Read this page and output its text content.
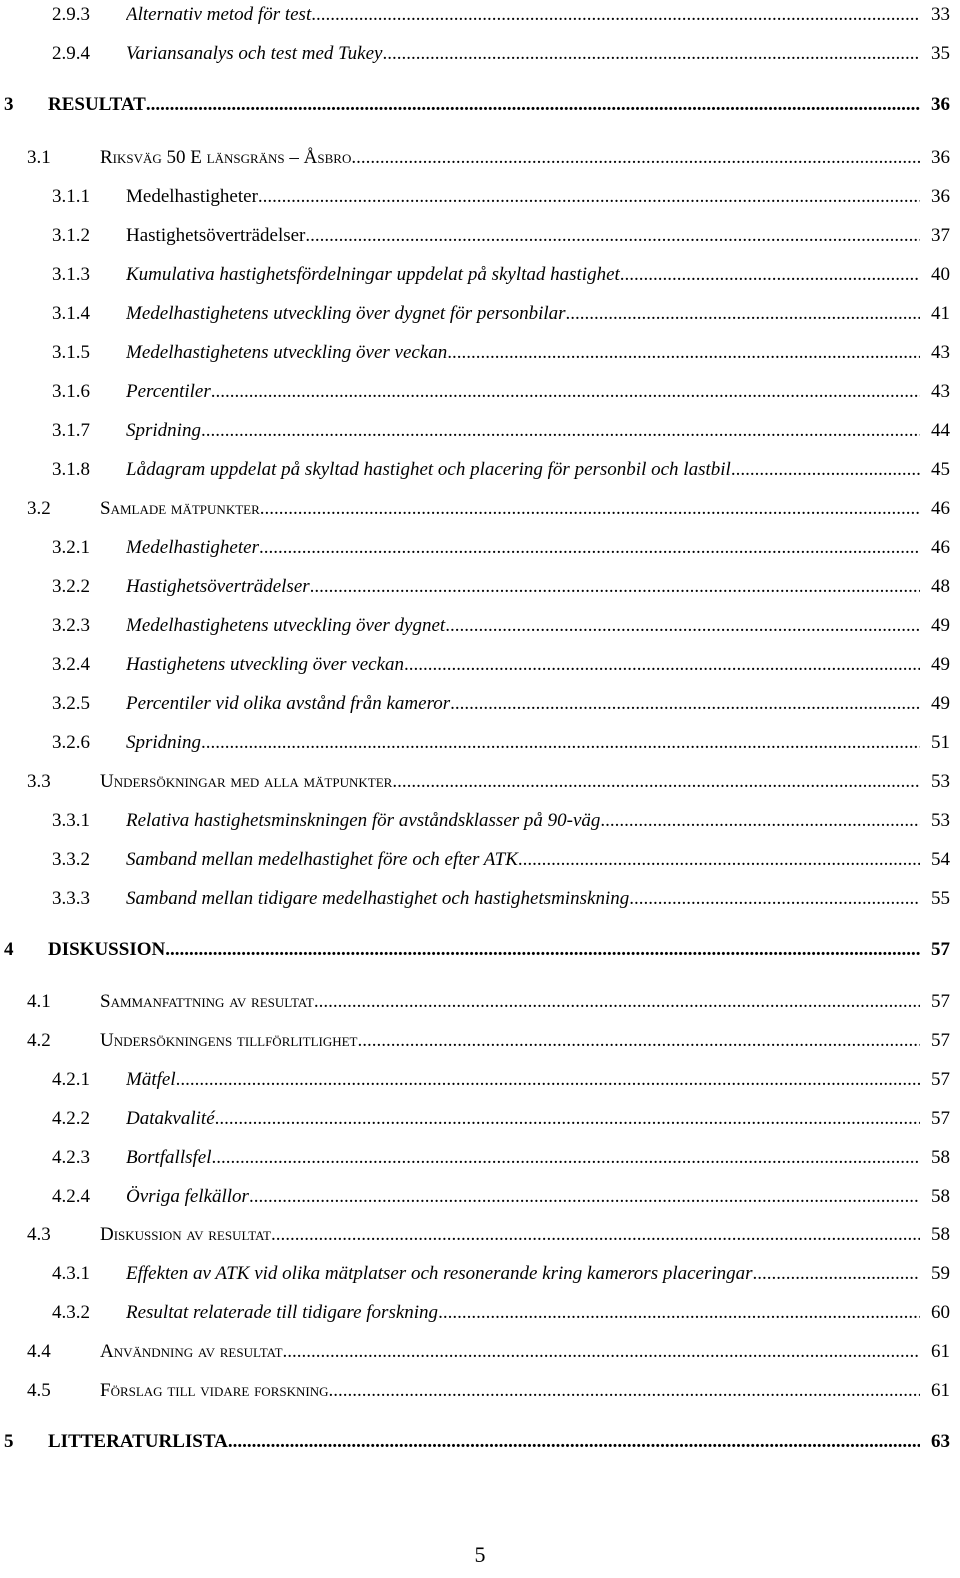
2.9.3 Alternativ metod för test .....	33
2.9.4 Variansanalys och test med Tukey .....	35
3 RESULTAT .....	36
3.1	Riksväg 50 E länsgräns – Åsbro .....	36
3.1.1 Medelhastigheter .....	36
3.1.2 Hastighetsöverträdelser .....	37
3.1.3 Kumulativa hastighetsfördelningar uppdelat på skyltad hastighet .....	40
3.1.4 Medelhastighetens utveckling över dygnet för personbilar .....	41
3.1.5 Medelhastighetens utveckling över veckan .....	43
3.1.6 Percentiler .....	43
3.1.7 Spridning .....	44
3.1.8 Lådagram uppdelat på skyltad hastighet och placering för personbil och lastbil .....	45
3.2	Samlade mätpunkter .....	46
3.2.1 Medelhastigheter .....	46
3.2.2 Hastighetsöverträdelser .....	48
3.2.3 Medelhastighetens utveckling över dygnet .....	49
3.2.4 Hastighetens utveckling över veckan .....	49
3.2.5 Percentiler vid olika avstånd från kameror .....	49
3.2.6 Spridning .....	51
3.3	Undersökningar med alla mätpunkter .....	53
3.3.1 Relativa hastighetsminskningen för avståndsklasser på 90-väg .....	53
3.3.2 Samband mellan medelhastighet före och efter ATK .....	54
3.3.3 Samband mellan tidigare medelhastighet och hastighetsminskning .....	55
4 DISKUSSION .....	57
4.1	Sammanfattning av resultat .....	57
4.2	Undersökningens tillförlitlighet .....	57
4.2.1 Mätfel .....	57
4.2.2 Datakvalité .....	57
4.2.3 Bortfallsfel .....	58
4.2.4 Övriga felkällor .....	58
4.3	Diskussion av resultat .....	58
4.3.1 Effekten av ATK vid olika mätplatser och resonerande kring kamerors placeringar .....	59
4.3.2 Resultat relaterade till tidigare forskning .....	60
4.4	Användning av resultat .....	61
4.5	Förslag till vidare forskning .....	61
5 LITTERATURLISTA .....	63
5
